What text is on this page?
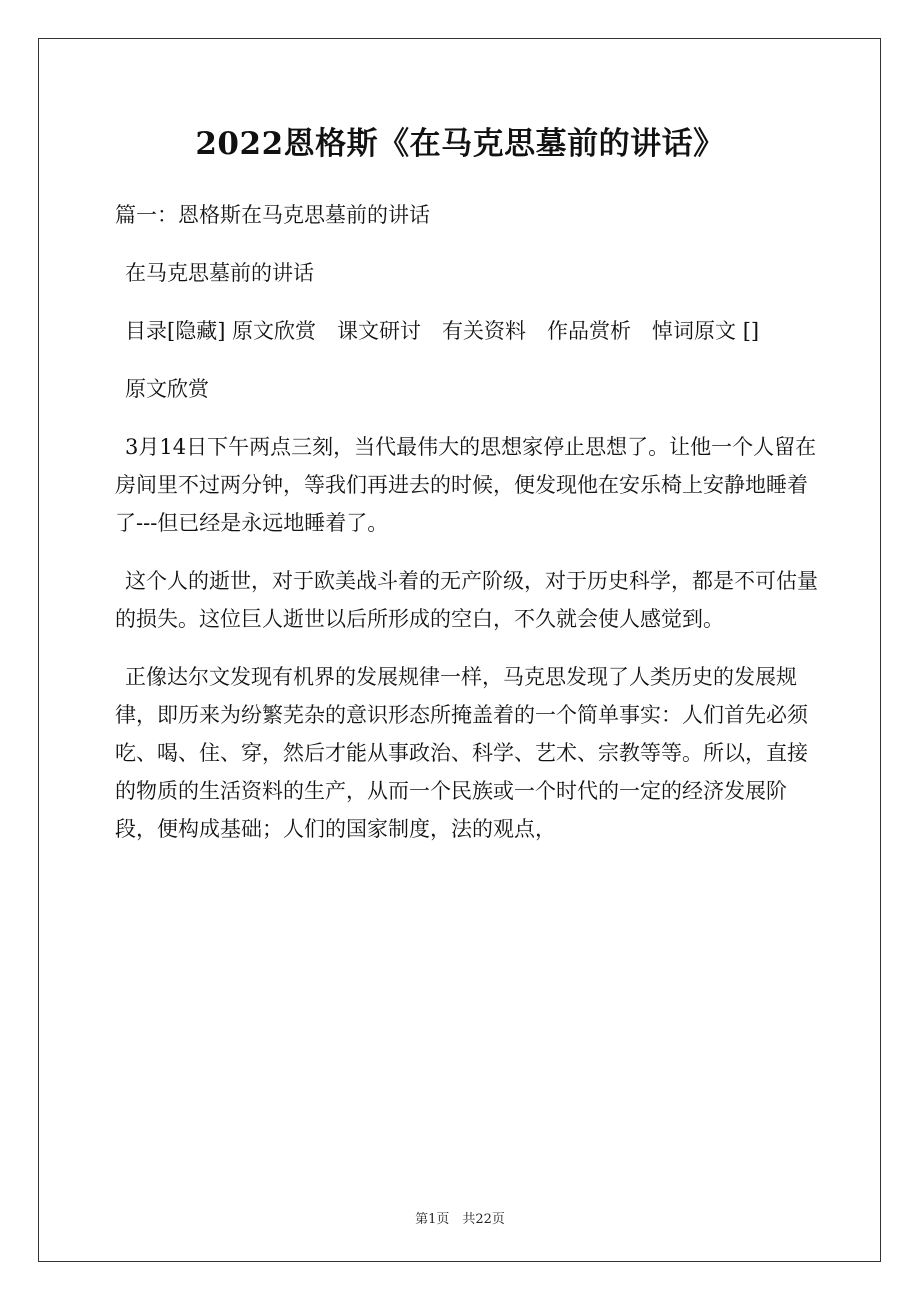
2022恩格斯《在马克思墓前的讲话》

篇一：恩格斯在马克思墓前的讲话

在马克思墓前的讲话

目录[隐藏] 原文欣赏　课文研讨　有关资料　作品赏析　悼词原文 []

原文欣赏

3月14日下午两点三刻，当代最伟大的思想家停止思想了。让他一个人留在房间里不过两分钟，等我们再进去的时候，便发现他在安乐椅上安静地睡着了---但已经是永远地睡着了。

这个人的逝世，对于欧美战斗着的无产阶级，对于历史科学，都是不可估量的损失。这位巨人逝世以后所形成的空白，不久就会使人感觉到。

正像达尔文发现有机界的发展规律一样，马克思发现了人类历史的发展规律，即历来为纷繁芜杂的意识形态所掩盖着的一个简单事实：人们首先必须吃、喝、住、穿，然后才能从事政治、科学、艺术、宗教等等。所以，直接的物质的生活资料的生产，从而一个民族或一个时代的一定的经济发展阶段，便构成基础；人们的国家制度，法的观点，

第1页　共22页
